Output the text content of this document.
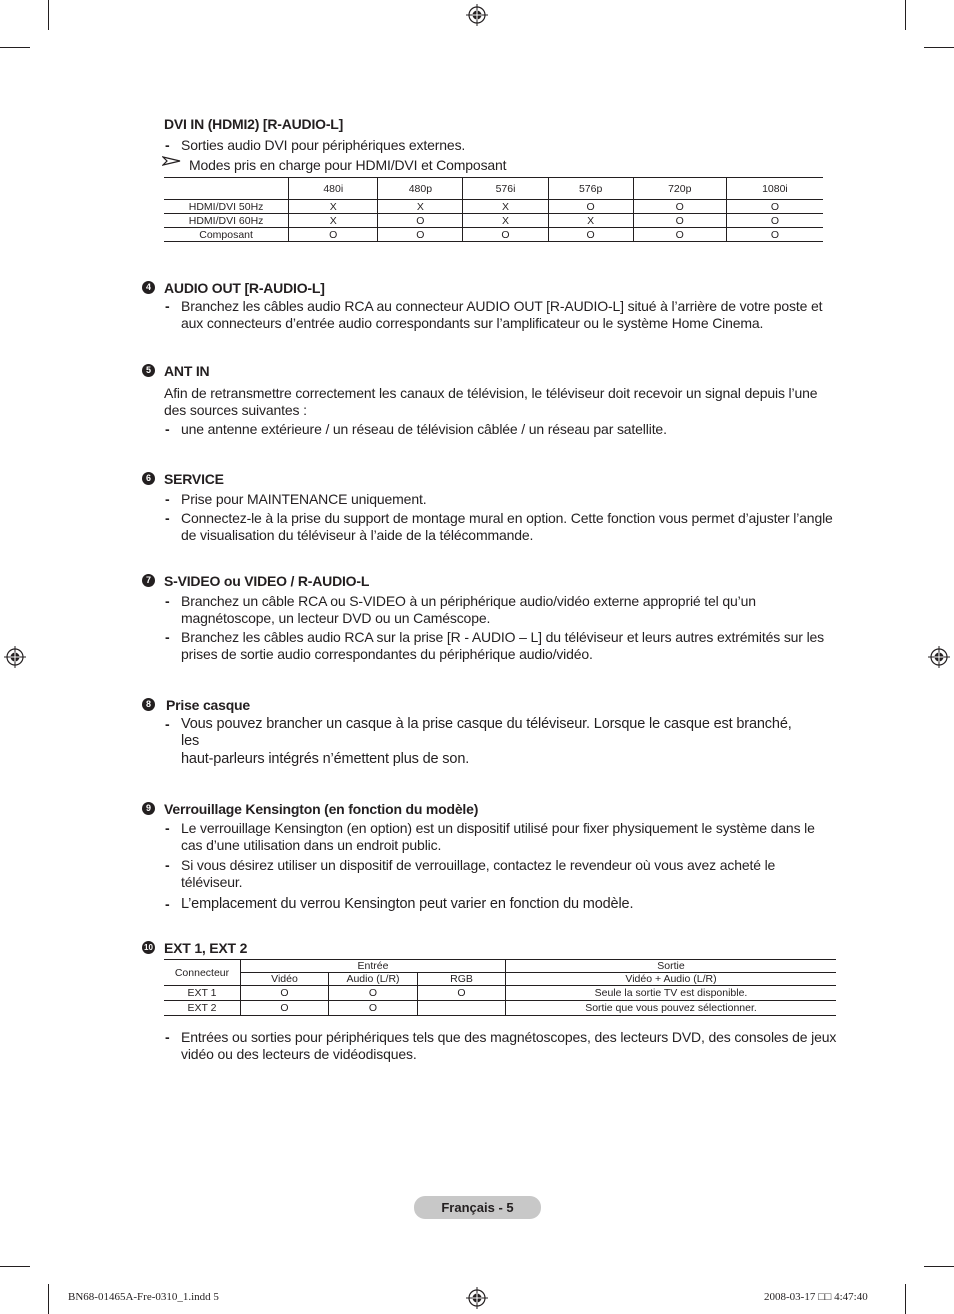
DVI IN (HDMI2) [R-AUDIO-L]
- Sorties audio DVI pour périphériques externes.
Modes pris en charge pour HDMI/DVI et Composant
	480i	480p	576i	576p	720p	1080i
HDMI/DVI 50Hz	X	X	X	O	O	O
HDMI/DVI 60Hz	X	O	X	X	O	O
Composant	O	O	O	O	O	O
4 AUDIO OUT [R-AUDIO-L]
- Branchez les câbles audio RCA au connecteur AUDIO OUT [R-AUDIO-L] situé à l’arrière de votre poste et
aux connecteurs d’entrée audio correspondants sur l’amplificateur ou le système Home Cinema.
5 ANT IN
Afin de retransmettre correctement les canaux de télévision, le téléviseur doit recevoir un signal depuis l’une
des sources suivantes :
- une antenne extérieure / un réseau de télévision câblée / un réseau par satellite.
6 SERVICE
- Prise pour MAINTENANCE uniquement.
- Connectez-le à la prise du support de montage mural en option. Cette fonction vous permet d’ajuster l’angle
de visualisation du téléviseur à l’aide de la télécommande.
7 S-VIDEO ou VIDEO / R-AUDIO-L
- Branchez un câble RCA ou S-VIDEO à un périphérique audio/vidéo externe approprié tel qu’un
magnétoscope, un lecteur DVD ou un Caméscope.
- Branchez les câbles audio RCA sur la prise [R - AUDIO – L] du téléviseur et leurs autres extrémités sur les
prises de sortie audio correspondantes du périphérique audio/vidéo.
8 Prise casque
- Vous pouvez brancher un casque à la prise casque du téléviseur. Lorsque le casque est branché,
les
haut-parleurs intégrés n’émettent plus de son.
9 Verrouillage Kensington (en fonction du modèle)
- Le verrouillage Kensington (en option) est un dispositif utilisé pour fixer physiquement le système dans le
cas d’une utilisation dans un endroit public.
- Si vous désirez utiliser un dispositif de verrouillage, contactez le revendeur où vous avez acheté le
téléviseur.
- L’emplacement du verrou Kensington peut varier en fonction du modèle.
10 EXT 1, EXT 2
Connecteur	Entrée			Sortie
	Vidéo	Audio (L/R)	RGB	Vidéo + Audio (L/R)
EXT 1	O	O	O	Seule la sortie TV est disponible.
EXT 2	O	O		Sortie que vous pouvez sélectionner.
- Entrées ou sorties pour périphériques tels que des magnétoscopes, des lecteurs DVD, des consoles de jeux
vidéo ou des lecteurs de vidéodisques.
Français - 5
BN68-01465A-Fre-0310_1.indd 5	2008-03-17 □□ 4:47:40
